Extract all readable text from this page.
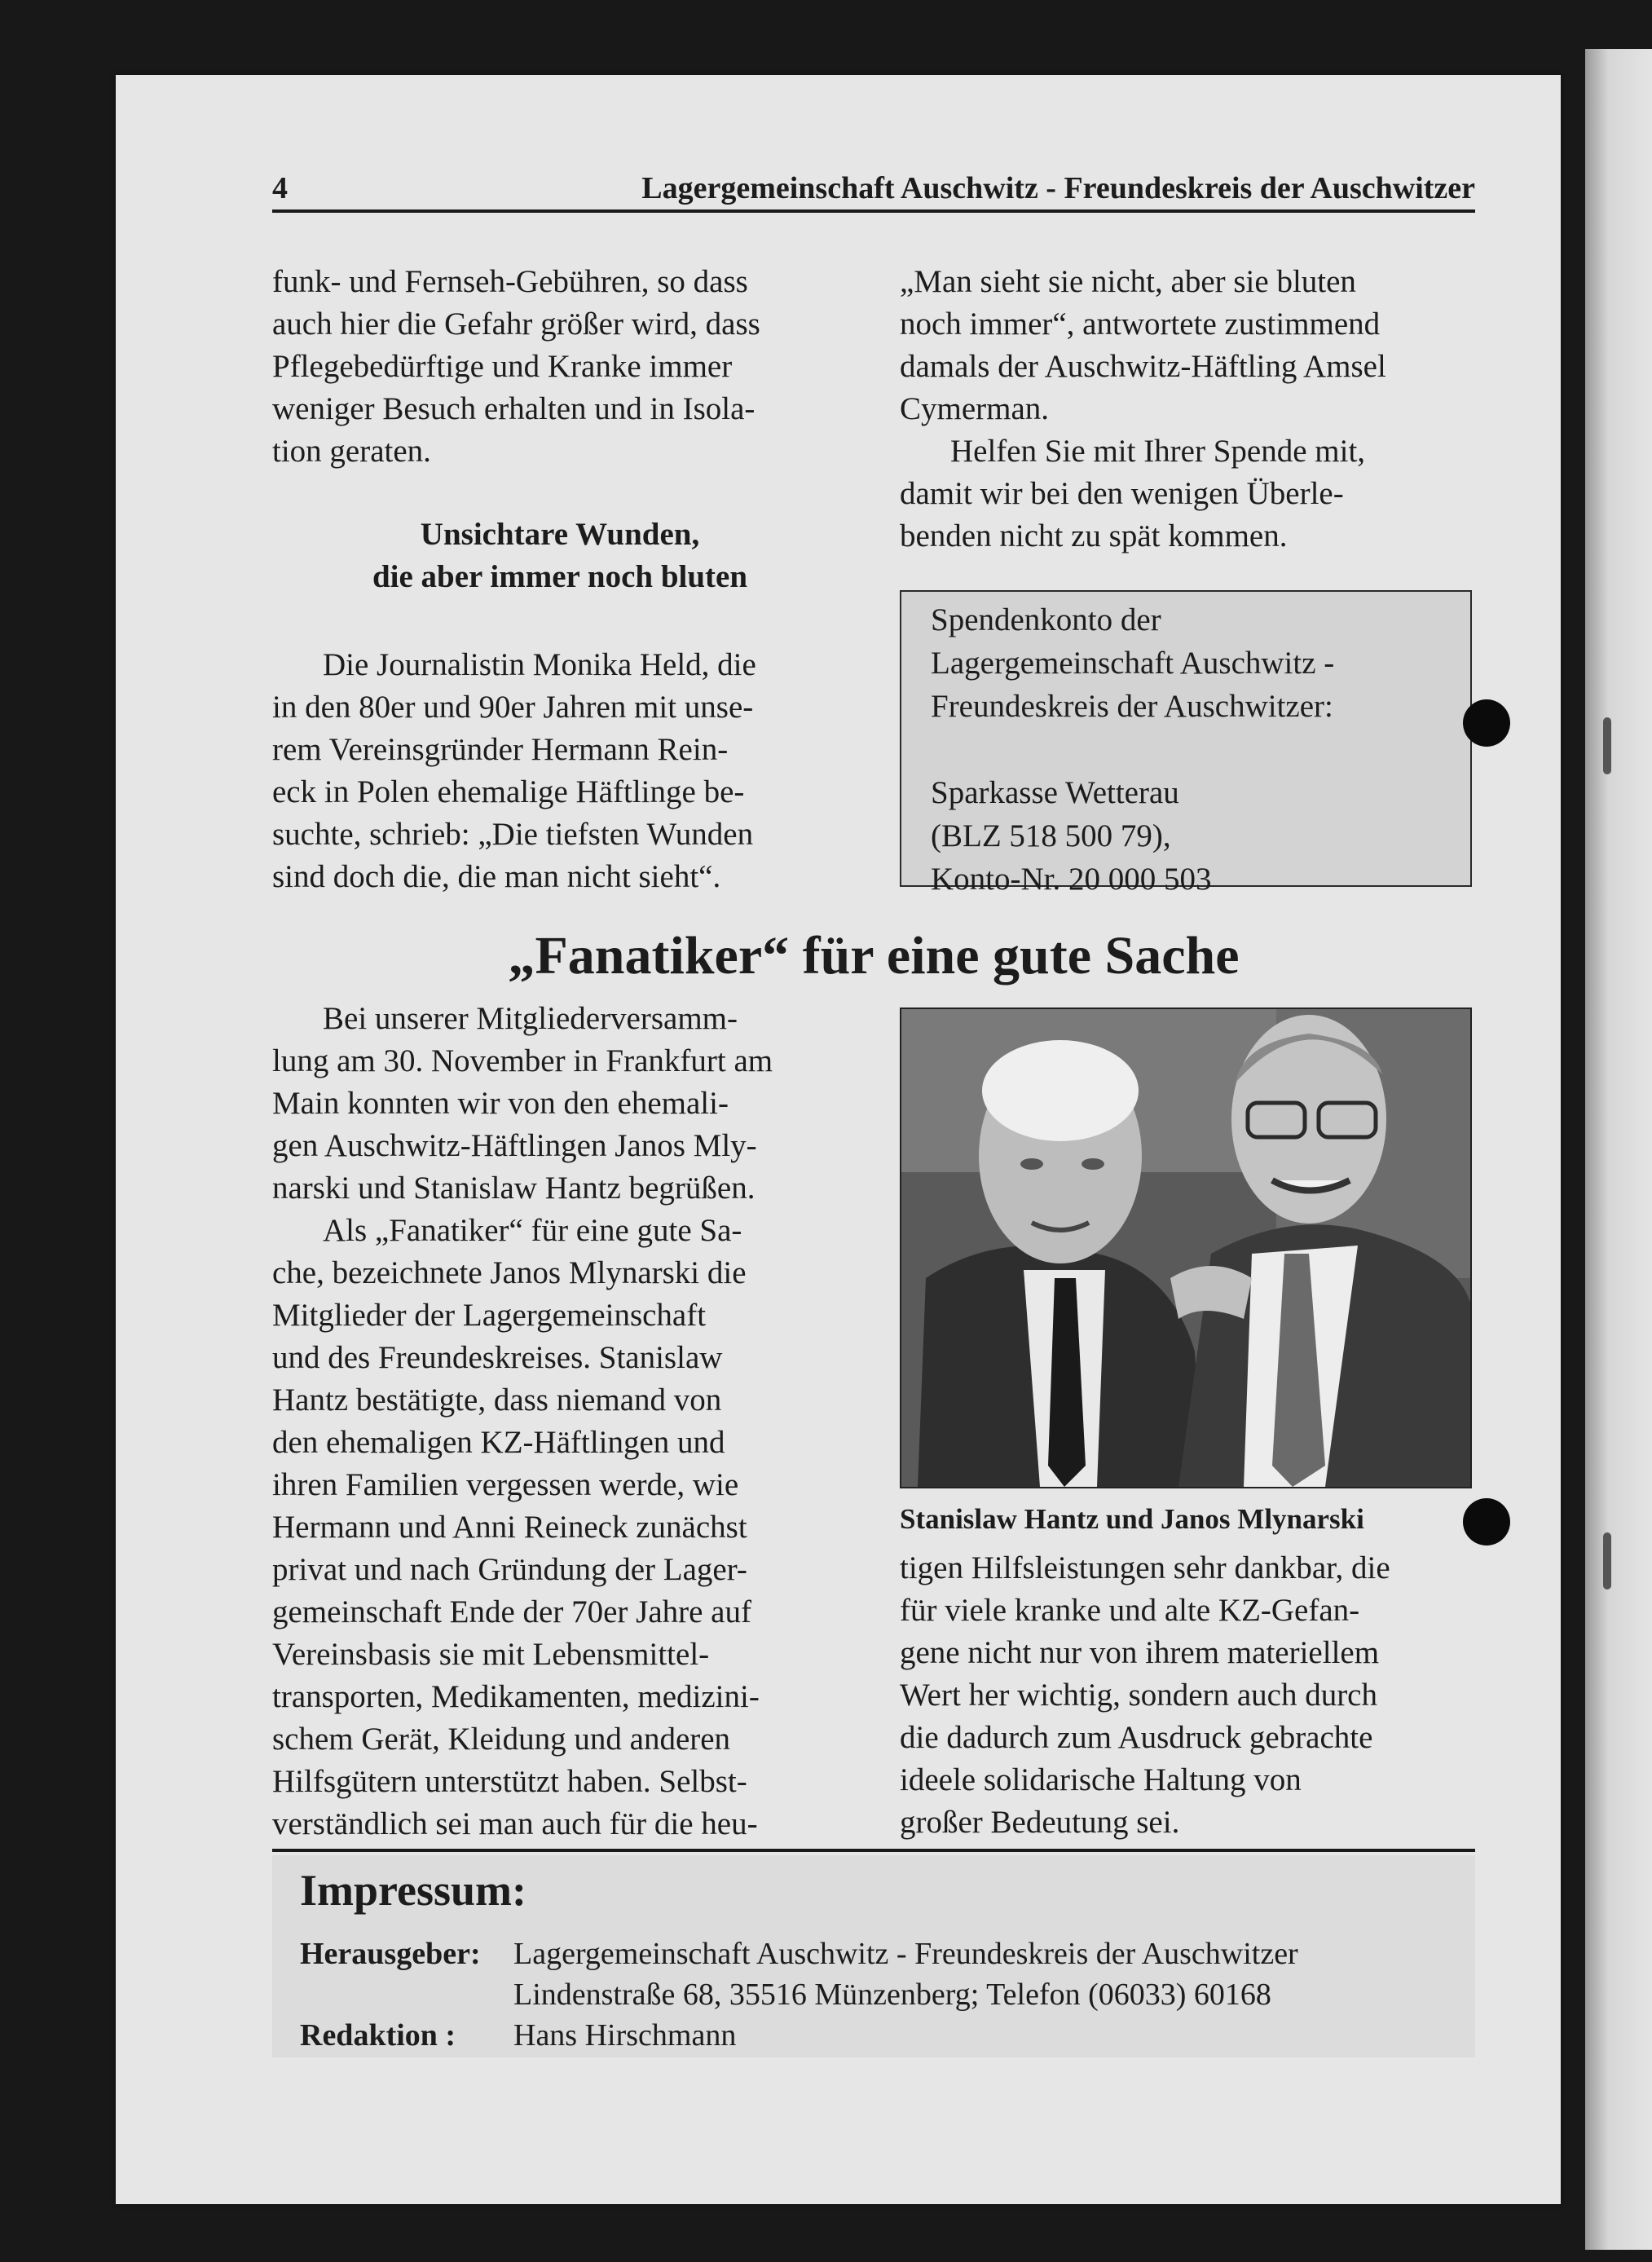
4	Lagergemeinschaft Auschwitz - Freundeskreis der Auschwitzer

funk- und Fernseh-Gebühren, so dass
auch hier die Gefahr größer wird, dass
Pflegebedürftige und Kranke immer
weniger Besuch erhalten und in Isola-
tion geraten.

Unsichtare Wunden,
die aber immer noch bluten
Die Journalistin Monika Held, die
in den 80er und 90er Jahren mit unse-
rem Vereinsgründer Hermann Rein-
eck in Polen ehemalige Häftlinge be-
suchte, schrieb: „Die tiefsten Wunden
sind doch die, die man nicht sieht“.
„Man sieht sie nicht, aber sie bluten
noch immer“, antwortete zustimmend
damals der Auschwitz-Häftling Amsel
Cymerman.
Helfen Sie mit Ihrer Spende mit,
damit wir bei den wenigen Überle-
benden nicht zu spät kommen.
Spendenkonto der
Lagergemeinschaft Auschwitz -
Freundeskreis der Auschwitzer:
Sparkasse Wetterau
(BLZ 518 500 79),
Konto-Nr. 20 000 503
„Fanatiker“ für eine gute Sache
Bei unserer Mitgliederversamm-
lung am 30. November in Frankfurt am
Main konnten wir von den ehemali-
gen Auschwitz-Häftlingen Janos Mly-
narski und Stanislaw Hantz begrüßen.
Als „Fanatiker“ für eine gute Sa-
che, bezeichnete Janos Mlynarski die
Mitglieder der Lagergemeinschaft
und des Freundeskreises. Stanislaw
Hantz bestätigte, dass niemand von
den ehemaligen KZ-Häftlingen und
ihren Familien vergessen werde, wie
Hermann und Anni Reineck zunächst
privat und nach Gründung der Lager-
gemeinschaft Ende der 70er Jahre auf
Vereinsbasis sie mit Lebensmittel-
transporten, Medikamenten, medizini-
schem Gerät, Kleidung und anderen
Hilfsgütern unterstützt haben. Selbst-
verständlich sei man auch für die heu-
Stanislaw Hantz und Janos Mlynarski
tigen Hilfsleistungen sehr dankbar, die
für viele kranke und alte KZ-Gefan-
gene nicht nur von ihrem materiellem
Wert her wichtig, sondern auch durch
die dadurch zum Ausdruck gebrachte
ideele solidarische Haltung von
großer Bedeutung sei.
Impressum:
Herausgeber:	Lagergemeinschaft Auschwitz - Freundeskreis der Auschwitzer
Lindenstraße 68, 35516 Münzenberg; Telefon (06033) 60168
Redaktion :	Hans Hirschmann
